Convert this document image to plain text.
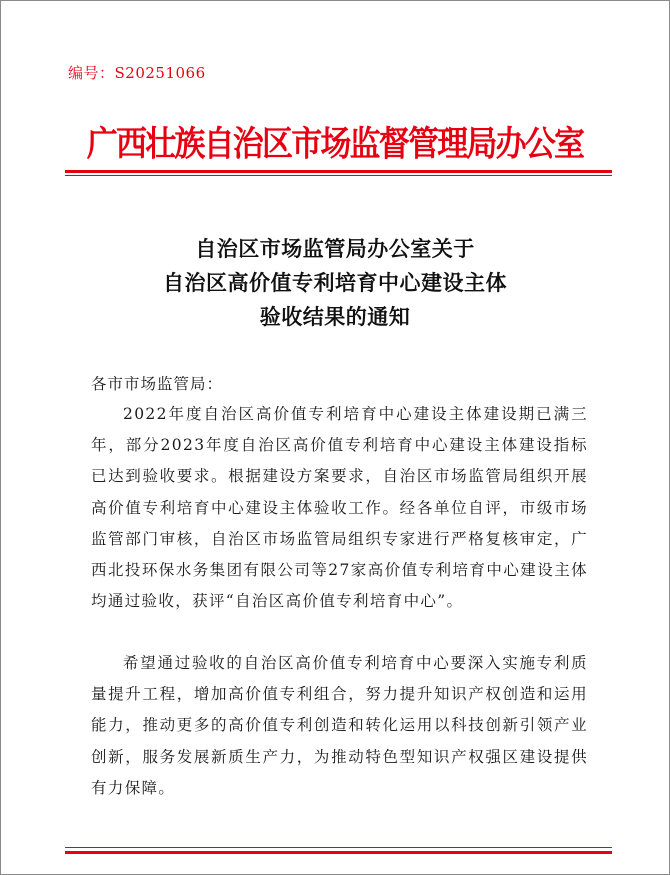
编号：S20251066
广西壮族自治区市场监督管理局办公室
自治区市场监管局办公室关于
自治区高价值专利培育中心建设主体
验收结果的通知
各市市场监管局：

2022年度自治区高价值专利培育中心建设主体建设期已满三年，部分2023年度自治区高价值专利培育中心建设主体建设指标已达到验收要求。根据建设方案要求，自治区市场监管局组织开展高价值专利培育中心建设主体验收工作。经各单位自评，市级市场监管部门审核，自治区市场监管局组织专家进行严格复核审定，广西北投环保水务集团有限公司等27家高价值专利培育中心建设主体均通过验收，获评“自治区高价值专利培育中心”。

希望通过验收的自治区高价值专利培育中心要深入实施专利质量提升工程，增加高价值专利组合，努力提升知识产权创造和运用能力，推动更多的高价值专利创造和转化运用以科技创新引领产业创新，服务发展新质生产力，为推动特色型知识产权强区建设提供有力保障。
